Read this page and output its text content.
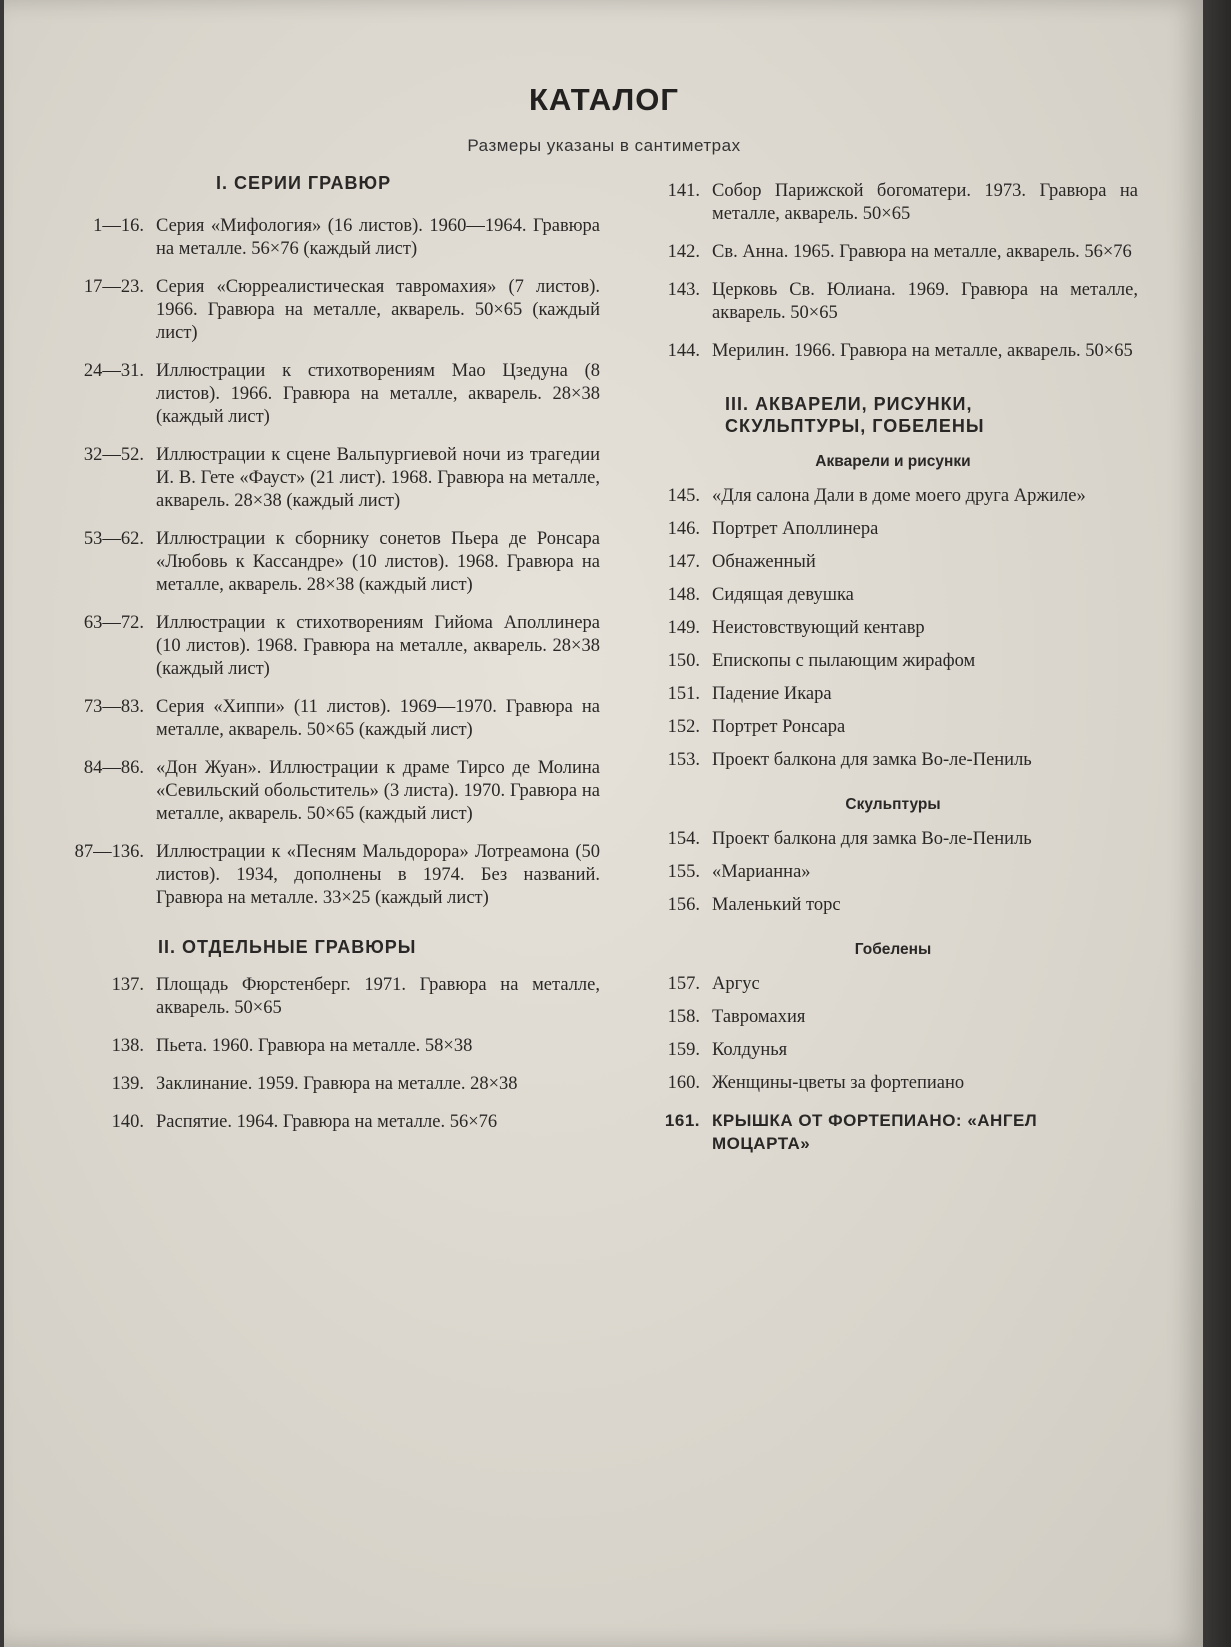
КАТАЛОГ
Размеры указаны в сантиметрах
I. СЕРИИ ГРАВЮР
1—16. Серия «Мифология» (16 листов). 1960—1964. Гравюра на металле. 56×76 (каждый лист)
17—23. Серия «Сюрреалистическая тавромахия» (7 листов). 1966. Гравюра на металле, акварель. 50×65 (каждый лист)
24—31. Иллюстрации к стихотворениям Мао Цзедуна (8 листов). 1966. Гравюра на металле, акварель. 28×38 (каждый лист)
32—52. Иллюстрации к сцене Вальпургиевой ночи из трагедии И. В. Гете «Фауст» (21 лист). 1968. Гравюра на металле, акварель. 28×38 (каждый лист)
53—62. Иллюстрации к сборнику сонетов Пьера де Ронсара «Любовь к Кассандре» (10 листов). 1968. Гравюра на металле, акварель. 28×38 (каждый лист)
63—72. Иллюстрации к стихотворениям Гийома Аполлинера (10 листов). 1968. Гравюра на металле, акварель. 28×38 (каждый лист)
73—83. Серия «Хиппи» (11 листов). 1969—1970. Гравюра на металле, акварель. 50×65 (каждый лист)
84—86. «Дон Жуан». Иллюстрации к драме Тирсо де Молина «Севильский обольститель» (3 листа). 1970. Гравюра на металле, акварель. 50×65 (каждый лист)
87—136. Иллюстрации к «Песням Мальдорора» Лотреамона (50 листов). 1934, дополнены в 1974. Без названий. Гравюра на металле. 33×25 (каждый лист)
II. ОТДЕЛЬНЫЕ ГРАВЮРЫ
137. Площадь Фюрстенберг. 1971. Гравюра на металле, акварель. 50×65
138. Пьета. 1960. Гравюра на металле. 58×38
139. Заклинание. 1959. Гравюра на металле. 28×38
140. Распятие. 1964. Гравюра на металле. 56×76
141. Собор Парижской богоматери. 1973. Гравюра на металле, акварель. 50×65
142. Св. Анна. 1965. Гравюра на металле, акварель. 56×76
143. Церковь Св. Юлиана. 1969. Гравюра на металле, акварель. 50×65
144. Мерилин. 1966. Гравюра на металле, акварель. 50×65
III. АКВАРЕЛИ, РИСУНКИ,
СКУЛЬПТУРЫ, ГОБЕЛЕНЫ
Акварели и рисунки
145. «Для салона Дали в доме моего друга Аржиле»
146. Портрет Аполлинера
147. Обнаженный
148. Сидящая девушка
149. Неистовствующий кентавр
150. Епископы с пылающим жирафом
151. Падение Икара
152. Портрет Ронсара
153. Проект балкона для замка Во-ле-Пениль
Скульптуры
154. Проект балкона для замка Во-ле-Пениль
155. «Марианна»
156. Маленький торс
Гобелены
157. Аргус
158. Тавромахия
159. Колдунья
160. Женщины-цветы за фортепиано
161. КРЫШКА ОТ ФОРТЕПИАНО: «АНГЕЛ МОЦАРТА»
